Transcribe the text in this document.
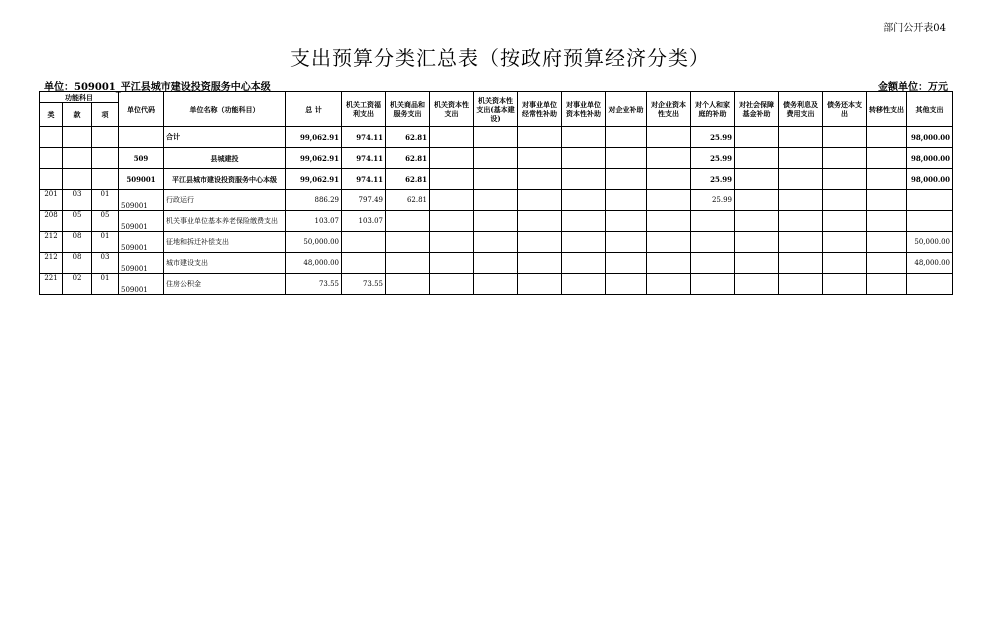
部门公开表04
支出预算分类汇总表（按政府预算经济分类）
单位：509001_平江县城市建设投资服务中心本级	金额单位：万元
功能科目			单位代码	单位名称（功能科目）	总 计	机关工资福利支出	机关商品和服务支出	机关资本性支出	机关资本性支出(基本建设)	对事业单位经常性补助	对事业单位资本性补助	对企业补助	对企业资本性支出	对个人和家庭的补助	对社会保障基金补助	债务利息及费用支出	债务还本支出	转移性支出	其他支出
类	款	项																	
				合计	99,062.91	974.11	62.81							25.99					98,000.00
			509	县城建投	99,062.91	974.11	62.81							25.99					98,000.00
			509001	平江县城市建设投资服务中心本级	99,062.91	974.11	62.81							25.99					98,000.00
201	03	01	509001	行政运行	886.29	797.49	62.81							25.99					
208	05	05	509001	机关事业单位基本养老保险缴费支出	103.07	103.07													
212	08	01	509001	征地和拆迁补偿支出	50,000.00														50,000.00
212	08	03	509001	城市建设支出	48,000.00														48,000.00
221	02	01	509001	住房公积金	73.55	73.55													
